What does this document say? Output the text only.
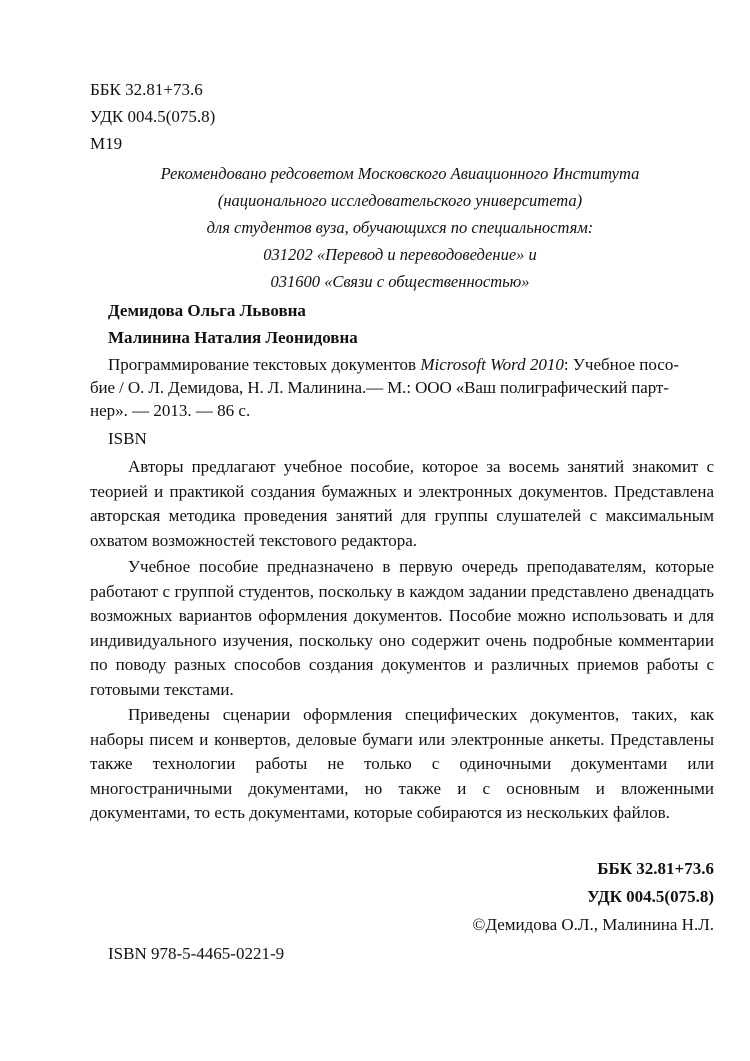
ББК 32.81+73.6
УДК 004.5(075.8)
М19
Рекомендовано редсоветом Московского Авиационного Института
(национального исследовательского университета)
для студентов вуза, обучающихся по специальностям:
031202 «Перевод и переводоведение» и
031600 «Связи с общественностью»
Демидова Ольга Львовна
Малинина Наталия Леонидовна
Программирование текстовых документов Microsoft Word 2010: Учебное посо-
бие / О. Л. Демидова, Н. Л. Малинина.— М.: ООО «Ваш полиграфический парт-
нер». — 2013. — 86 с.
ISBN
Авторы предлагают учебное пособие, которое за восемь занятий знакомит с теорией и практикой создания бумажных и электронных документов. Представлена авторская методика проведения занятий для группы слушателей с максимальным охватом возможностей текстового редактора.
Учебное пособие предназначено в первую очередь преподавателям, которые работают с группой студентов, поскольку в каждом задании представлено двенадцать возможных вариантов оформления документов. Пособие можно использовать и для индивидуального изучения, поскольку оно содержит очень подробные комментарии по поводу разных способов создания документов и различных приемов работы с готовыми текстами.
Приведены сценарии оформления специфических документов, таких, как наборы писем и конвертов, деловые бумаги или электронные анкеты. Представлены также технологии работы не только с одиночными документами или многостраничными документами, но также и с основным и вложенными документами, то есть документами, которые собираются из нескольких файлов.
ББК 32.81+73.6
УДК 004.5(075.8)
©Демидова О.Л., Малинина Н.Л.
ISBN 978-5-4465-0221-9
